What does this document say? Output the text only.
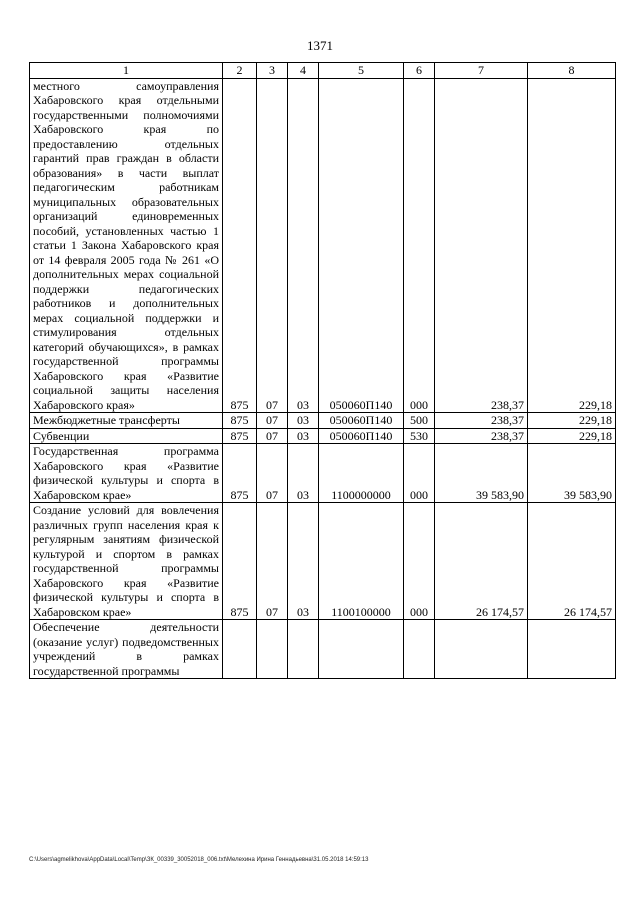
1371
1	2	3	4	5	6	7	8
местного самоуправления Хабаровского края отдельными государственными полномочиями Хабаровского края по предоставлению отдельных гарантий прав граждан в области образования» в части выплат педагогическим работникам муниципальных образовательных организаций единовременных пособий, установленных частью 1 статьи 1 Закона Хабаровского края от 14 февраля 2005 года № 261 «О дополнительных мерах социальной поддержки педагогических работников и дополнительных мерах социальной поддержки и стимулирования отдельных категорий обучающихся», в рамках государственной программы Хабаровского края «Развитие социальной защиты населения Хабаровского края»	875	07	03	050060П140	000	238,37	229,18
Межбюджетные трансферты	875	07	03	050060П140	500	238,37	229,18
Субвенции	875	07	03	050060П140	530	238,37	229,18
Государственная программа Хабаровского края «Развитие физической культуры и спорта в Хабаровском крае»	875	07	03	1100000000	000	39 583,90	39 583,90
Создание условий для вовлечения различных групп населения края к регулярным занятиям физической культурой и спортом в рамках государственной программы Хабаровского края «Развитие физической культуры и спорта в Хабаровском крае»	875	07	03	1100100000	000	26 174,57	26 174,57
Обеспечение деятельности (оказание услуг) подведомственных учреждений в рамках государственной программы							
C:\Users\agmelikhova\AppData\Local\Temp\ЗК_00339_30052018_006.txt\Мелехина Ирина Геннадьевна\31.05.2018 14:59:13
